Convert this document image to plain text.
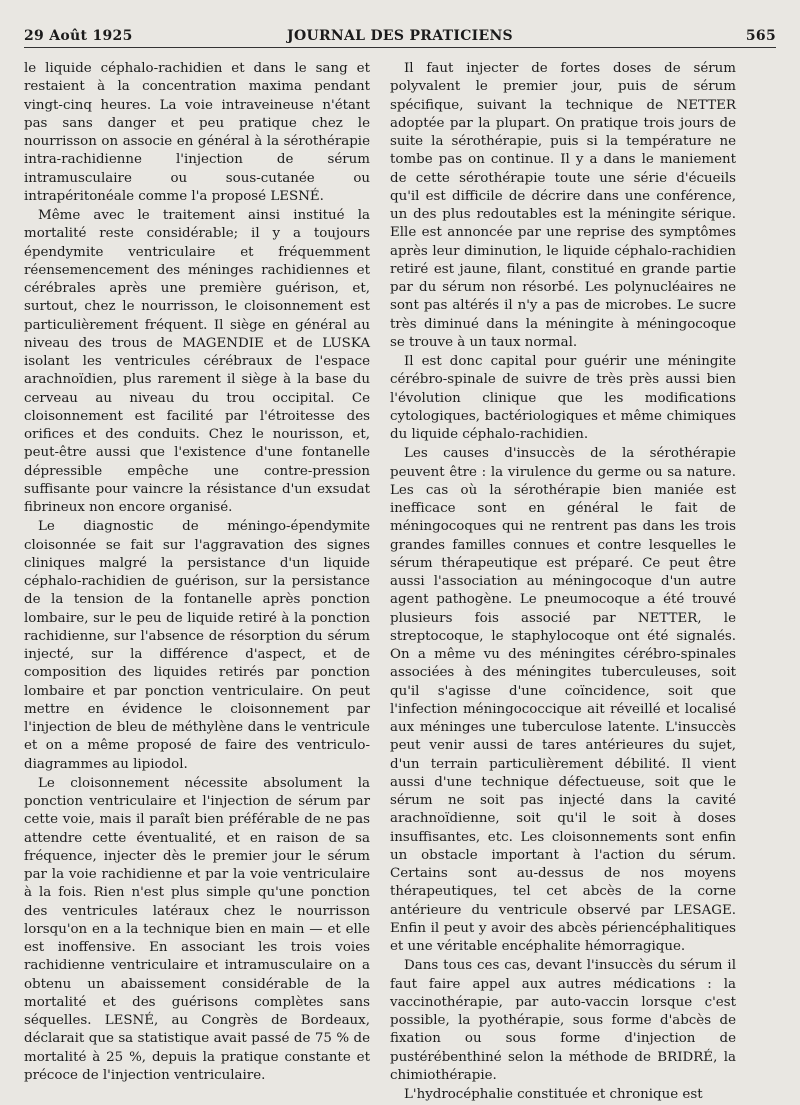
29 Août 1925	JOURNAL DES PRATICIENS	565

le liquide céphalo-rachidien et dans le sang et restaient à la concentration maxima pendant vingt-cinq heures. La voie intraveineuse n'étant pas sans danger et peu pratique chez le nourrisson on associe en général à la sérothérapie intra-rachidienne l'injection de sérum intramusculaire ou sous-cutanée ou intrapéritonéale comme l'a proposé LESNÉ.

Même avec le traitement ainsi institué la mortalité reste considérable; il y a toujours épendymite ventriculaire et fréquemment réensemencement des méninges rachidiennes et cérébrales après une première guérison, et, surtout, chez le nourrisson, le cloisonnement est particulièrement fréquent. Il siège en général au niveau des trous de MAGENDIE et de LUSKA isolant les ventricules cérébraux de l'espace arachnoïdien, plus rarement il siège à la base du cerveau au niveau du trou occipital. Ce cloisonnement est facilité par l'étroitesse des orifices et des conduits. Chez le nourisson, et, peut-être aussi que l'existence d'une fontanelle dépressible empêche une contre-pression suffisante pour vaincre la résistance d'un exsudat fibrineux non encore organisé.

Le diagnostic de méningo-épendymite cloisonnée se fait sur l'aggravation des signes cliniques malgré la persistance d'un liquide céphalo-rachidien de guérison, sur la persistance de la tension de la fontanelle après ponction lombaire, sur le peu de liquide retiré à la ponction rachidienne, sur l'absence de résorption du sérum injecté, sur la différence d'aspect, et de composition des liquides retirés par ponction lombaire et par ponction ventriculaire. On peut mettre en évidence le cloisonnement par l'injection de bleu de méthylène dans le ventricule et on a même proposé de faire des ventriculo-diagrammes au lipiodol.

Le cloisonnement nécessite absolument la ponction ventriculaire et l'injection de sérum par cette voie, mais il paraît bien préférable de ne pas attendre cette éventualité, et en raison de sa fréquence, injecter dès le premier jour le sérum par la voie rachidienne et par la voie ventriculaire à la fois. Rien n'est plus simple qu'une ponction des ventricules latéraux chez le nourrisson lorsqu'on en a la technique bien en main — et elle est inoffensive. En associant les trois voies rachidienne ventriculaire et intramusculaire on a obtenu un abaissement considérable de la mortalité et des guérisons complètes sans séquelles. LESNÉ, au Congrès de Bordeaux, déclarait que sa statistique avait passé de 75 % de mortalité à 25 %, depuis la pratique constante et précoce de l'injection ventriculaire.

Il faut injecter de fortes doses de sérum polyvalent le premier jour, puis de sérum spécifique, suivant la technique de NETTER adoptée par la plupart. On pratique trois jours de suite la sérothérapie, puis si la température ne tombe pas on continue. Il y a dans le maniement de cette sérothérapie toute une série d'écueils qu'il est difficile de décrire dans une conférence, un des plus redoutables est la méningite sérique. Elle est annoncée par une reprise des symptômes après leur diminution, le liquide céphalo-rachidien retiré est jaune, filant, constitué en grande partie par du sérum non résorbé. Les polynucléaires ne sont pas altérés il n'y a pas de microbes. Le sucre très diminué dans la méningite à méningocoque se trouve à un taux normal.

Il est donc capital pour guérir une méningite cérébro-spinale de suivre de très près aussi bien l'évolution clinique que les modifications cytologiques, bactériologiques et même chimiques du liquide céphalo-rachidien.

Les causes d'insuccès de la sérothérapie peuvent être : la virulence du germe ou sa nature. Les cas où la sérothérapie bien maniée est inefficace sont en général le fait de méningocoques qui ne rentrent pas dans les trois grandes familles connues et contre lesquelles le sérum thérapeutique est préparé. Ce peut être aussi l'association au méningocoque d'un autre agent pathogène. Le pneumocoque a été trouvé plusieurs fois associé par NETTER, le streptocoque, le staphylocoque ont été signalés. On a même vu des méningites cérébro-spinales associées à des méningites tuberculeuses, soit qu'il s'agisse d'une coïncidence, soit que l'infection méningococcique ait réveillé et localisé aux méninges une tuberculose latente. L'insuccès peut venir aussi de tares antérieures du sujet, d'un terrain particulièrement débilité. Il vient aussi d'une technique défectueuse, soit que le sérum ne soit pas injecté dans la cavité arachnoïdienne, soit qu'il le soit à doses insuffisantes, etc. Les cloisonnements sont enfin un obstacle important à l'action du sérum. Certains sont au-dessus de nos moyens thérapeutiques, tel cet abcès de la corne antérieure du ventricule observé par LESAGE. Enfin il peut y avoir des abcès périencéphalitiques et une véritable encéphalite hémorragique.

Dans tous ces cas, devant l'insuccès du sérum il faut faire appel aux autres médications : la vaccinothérapie, par auto-vaccin lorsque c'est possible, la pyothérapie, sous forme d'abcès de fixation ou sous forme d'injection de pustérébenthiné selon la méthode de BRIDRÉ, la chimiothérapie.

L'hydrocéphalie constituée et chronique est
